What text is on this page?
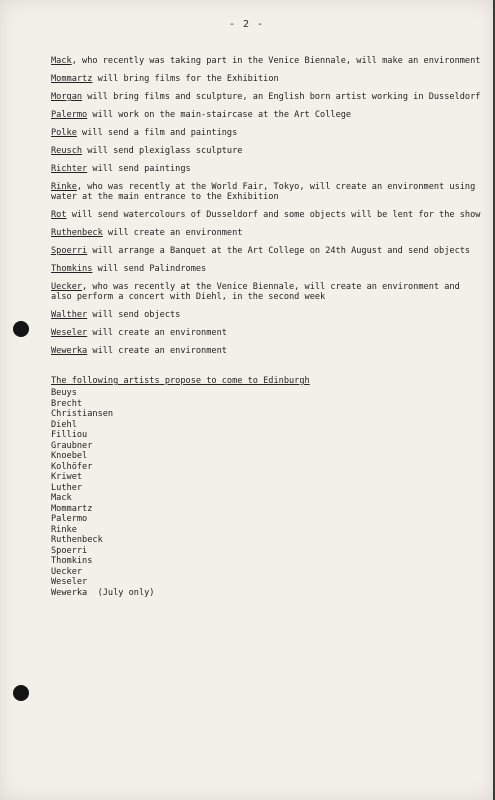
- 2 -
Mack, who recently was taking part in the Venice Biennale, will make an environment
Mommartz will bring films for the Exhibition
Morgan will bring films and sculpture, an English born artist working in Dusseldorf
Palermo will work on the main-staircase at the Art College
Polke will send a film and paintings
Reusch will send plexiglass sculpture
Richter will send paintings
Rinke, who was recently at the World Fair, Tokyo, will create an environment using water at the main entrance to the Exhibition
Rot will send watercolours of Dusseldorf and some objects will be lent for the show
Ruthenbeck will create an environment
Spoerri will arrange a Banquet at the Art College on 24th August and send objects
Thomkins will send Palindromes
Uecker, who was recently at the Venice Biennale, will create an environment and also perform a concert with Diehl, in the second week
Walther will send objects
Weseler will create an environment
Wewerka will create an environment
The following artists propose to come to Edinburgh
Beuys
Brecht
Christiansen
Diehl
Filliou
Graubner
Knoebel
Kolhöfer
Kriwet
Luther
Mack
Mommartz
Palermo
Rinke
Ruthenbeck
Spoerri
Thomkins
Uecker
Weseler
Wewerka  (July only)
